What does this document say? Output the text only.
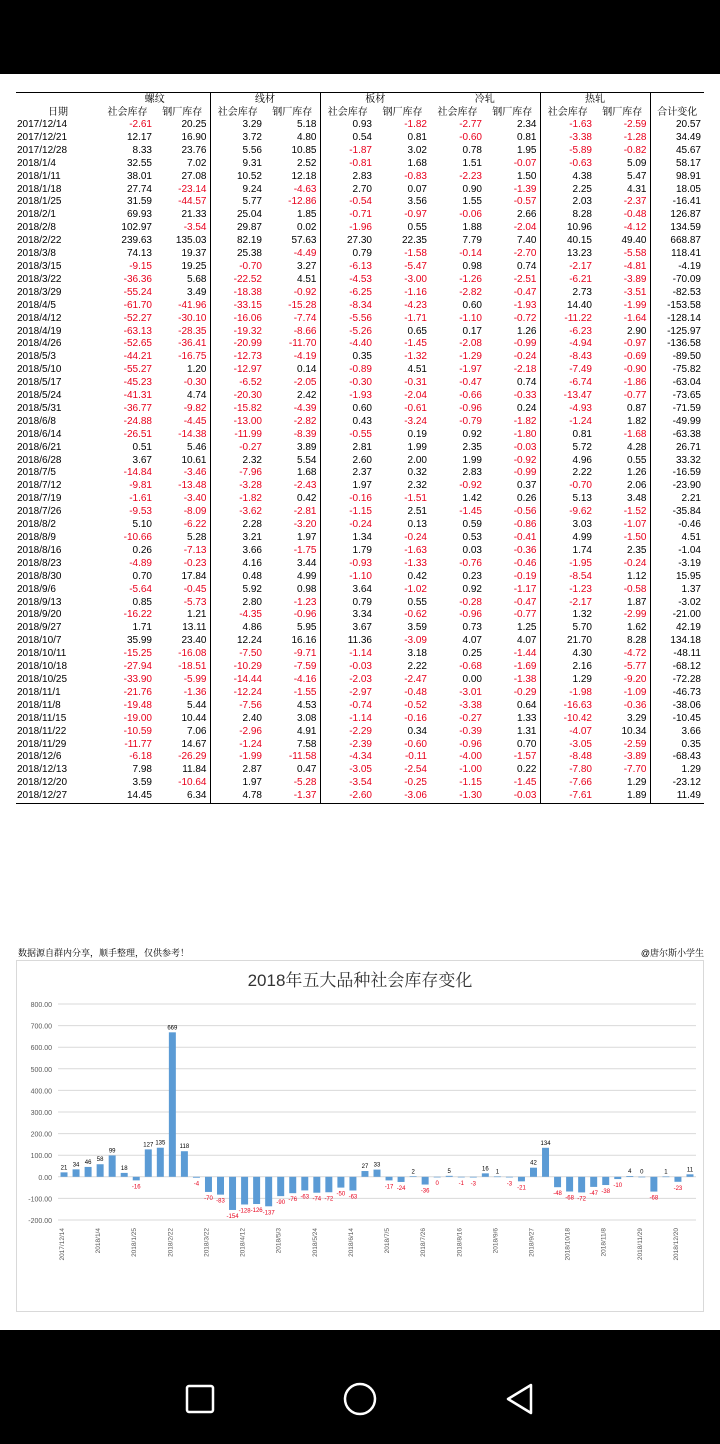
	螺纹		线材		板材		冷轧		热轧		
日期	社会库存	钢厂库存	社会库存	钢厂库存	社会库存	钢厂库存	社会库存	钢厂库存	社会库存	钢厂库存	合计变化
2017/12/14	-2.61	20.25	3.29	5.18	0.93	-1.82	-2.77	2.34	-1.63	-2.59	20.57
2017/12/21	12.17	16.90	3.72	4.80	0.54	0.81	-0.60	0.81	-3.38	-1.28	34.49
2017/12/28	8.33	23.76	5.56	10.85	-1.87	3.02	0.78	1.95	-5.89	-0.82	45.67
2018/1/4	32.55	7.02	9.31	2.52	-0.81	1.68	1.51	-0.07	-0.63	5.09	58.17
2018/1/11	38.01	27.08	10.52	12.18	2.83	-0.83	-2.23	1.50	4.38	5.47	98.91
2018/1/18	27.74	-23.14	9.24	-4.63	2.70	0.07	0.90	-1.39	2.25	4.31	18.05
2018/1/25	31.59	-44.57	5.77	-12.86	-0.54	3.56	1.55	-0.57	2.03	-2.37	-16.41
2018/2/1	69.93	21.33	25.04	1.85	-0.71	-0.97	-0.06	2.66	8.28	-0.48	126.87
2018/2/8	102.97	-3.54	29.87	0.02	-1.96	0.55	1.88	-2.04	10.96	-4.12	134.59
2018/2/22	239.63	135.03	82.19	57.63	27.30	22.35	7.79	7.40	40.15	49.40	668.87
2018/3/8	74.13	19.37	25.38	-4.49	0.79	-1.58	-0.14	-2.70	13.23	-5.58	118.41
2018/3/15	-9.15	19.25	-0.70	3.27	-6.13	-5.47	0.98	0.74	-2.17	-4.81	-4.19
2018/3/22	-36.36	5.68	-22.52	4.51	-4.53	-3.00	-1.26	-2.51	-6.21	-3.89	-70.09
2018/3/29	-55.24	3.49	-18.38	-0.92	-6.25	-1.16	-2.82	-0.47	2.73	-3.51	-82.53
2018/4/5	-61.70	-41.96	-33.15	-15.28	-8.34	-4.23	0.60	-1.93	14.40	-1.99	-153.58
2018/4/12	-52.27	-30.10	-16.06	-7.74	-5.56	-1.71	-1.10	-0.72	-11.22	-1.64	-128.14
2018/4/19	-63.13	-28.35	-19.32	-8.66	-5.26	0.65	0.17	1.26	-6.23	2.90	-125.97
2018/4/26	-52.65	-36.41	-20.99	-11.70	-4.40	-1.45	-2.08	-0.99	-4.94	-0.97	-136.58
2018/5/3	-44.21	-16.75	-12.73	-4.19	0.35	-1.32	-1.29	-0.24	-8.43	-0.69	-89.50
2018/5/10	-55.27	1.20	-12.97	0.14	-0.89	4.51	-1.97	-2.18	-7.49	-0.90	-75.82
2018/5/17	-45.23	-0.30	-6.52	-2.05	-0.30	-0.31	-0.47	0.74	-6.74	-1.86	-63.04
2018/5/24	-41.31	4.74	-20.30	2.42	-1.93	-2.04	-0.66	-0.33	-13.47	-0.77	-73.65
2018/5/31	-36.77	-9.82	-15.82	-4.39	0.60	-0.61	-0.96	0.24	-4.93	0.87	-71.59
2018/6/8	-24.88	-4.45	-13.00	-2.82	0.43	-3.24	-0.79	-1.82	-1.24	1.82	-49.99
2018/6/14	-26.51	-14.38	-11.99	-8.39	-0.55	0.19	0.92	-1.80	0.81	-1.68	-63.38
2018/6/21	0.51	5.46	-0.27	3.89	2.81	1.99	2.35	-0.03	5.72	4.28	26.71
2018/6/28	3.67	10.61	2.32	5.54	2.60	2.00	1.99	-0.92	4.96	0.55	33.32
2018/7/5	-14.84	-3.46	-7.96	1.68	2.37	0.32	2.83	-0.99	2.22	1.26	-16.59
2018/7/12	-9.81	-13.48	-3.28	-2.43	1.97	2.32	-0.92	0.37	-0.70	2.06	-23.90
2018/7/19	-1.61	-3.40	-1.82	0.42	-0.16	-1.51	1.42	0.26	5.13	3.48	2.21
2018/7/26	-9.53	-8.09	-3.62	-2.81	-1.15	2.51	-1.45	-0.56	-9.62	-1.52	-35.84
2018/8/2	5.10	-6.22	2.28	-3.20	-0.24	0.13	0.59	-0.86	3.03	-1.07	-0.46
2018/8/9	-10.66	5.28	3.21	1.97	1.34	-0.24	0.53	-0.41	4.99	-1.50	4.51
2018/8/16	0.26	-7.13	3.66	-1.75	1.79	-1.63	0.03	-0.36	1.74	2.35	-1.04
2018/8/23	-4.89	-0.23	4.16	3.44	-0.93	-1.33	-0.76	-0.46	-1.95	-0.24	-3.19
2018/8/30	0.70	17.84	0.48	4.99	-1.10	0.42	0.23	-0.19	-8.54	1.12	15.95
2018/9/6	-5.64	-0.45	5.92	0.98	3.64	-1.02	0.92	-1.17	-1.23	-0.58	1.37
2018/9/13	0.85	-5.73	2.80	-1.23	0.79	0.55	-0.28	-0.47	-2.17	1.87	-3.02
2018/9/20	-16.22	1.21	-4.35	-0.96	3.34	-0.62	-0.96	-0.77	1.32	-2.99	-21.00
2018/9/27	1.71	13.11	4.86	5.95	3.67	3.59	0.73	1.25	5.70	1.62	42.19
2018/10/7	35.99	23.40	12.24	16.16	11.36	-3.09	4.07	4.07	21.70	8.28	134.18
2018/10/11	-15.25	-16.08	-7.50	-9.71	-1.14	3.18	0.25	-1.44	4.30	-4.72	-48.11
2018/10/18	-27.94	-18.51	-10.29	-7.59	-0.03	2.22	-0.68	-1.69	2.16	-5.77	-68.12
2018/10/25	-33.90	-5.99	-14.44	-4.16	-2.03	-2.47	0.00	-1.38	1.29	-9.20	-72.28
2018/11/1	-21.76	-1.36	-12.24	-1.55	-2.97	-0.48	-3.01	-0.29	-1.98	-1.09	-46.73
2018/11/8	-19.48	5.44	-7.56	4.53	-0.74	-0.52	-3.38	0.64	-16.63	-0.36	-38.06
2018/11/15	-19.00	10.44	2.40	3.08	-1.14	-0.16	-0.27	1.33	-10.42	3.29	-10.45
2018/11/22	-10.59	7.06	-2.96	4.91	-2.29	0.34	-0.39	1.31	-4.07	10.34	3.66
2018/11/29	-11.77	14.67	-1.24	7.58	-2.39	-0.60	-0.96	0.70	-3.05	-2.59	0.35
2018/12/6	-6.18	-26.29	-1.99	-11.58	-4.34	-0.11	-4.00	-1.57	-8.48	-3.89	-68.43
2018/12/13	7.98	11.84	2.87	0.47	-3.05	-2.54	-1.00	0.22	-7.80	-7.70	1.29
2018/12/20	3.59	-10.64	1.97	-5.28	-3.54	-0.25	-1.15	-1.45	-7.66	1.29	-23.12
2018/12/27	14.45	6.34	4.78	-1.37	-2.60	-3.06	-1.30	-0.03	-7.61	1.89	11.49
数据源自群内分享，顺手整理，仅供参考！	@唐尔斯小学生
2018年五大品种社会库存变化
800.00
700.00
600.00
500.00
400.00
300.00
200.00
100.00
0.00
-100.00
-200.00
21
34 46 58
99
18
-16
127 135
669
118
-4
-70 -83
-154
-128 -126 -137
-90 -76 -63 -74 -72
-50 -63
27 33
-17 -24
2
-36
0
5
-1 -3
16
1
-3
-21
42
134
-48
-68 -72
-47 -38
-10
4 0
-68
1
-23
11
2017/12/14	2018/1/4	2018/1/25	2018/2/22	2018/3/22	2018/4/12	2018/5/3	2018/5/24	2018/6/14	2018/7/5	2018/7/26	2018/8/16	2018/9/6	2018/9/27	2018/10/18	2018/11/8	2018/11/29	2018/12/20
